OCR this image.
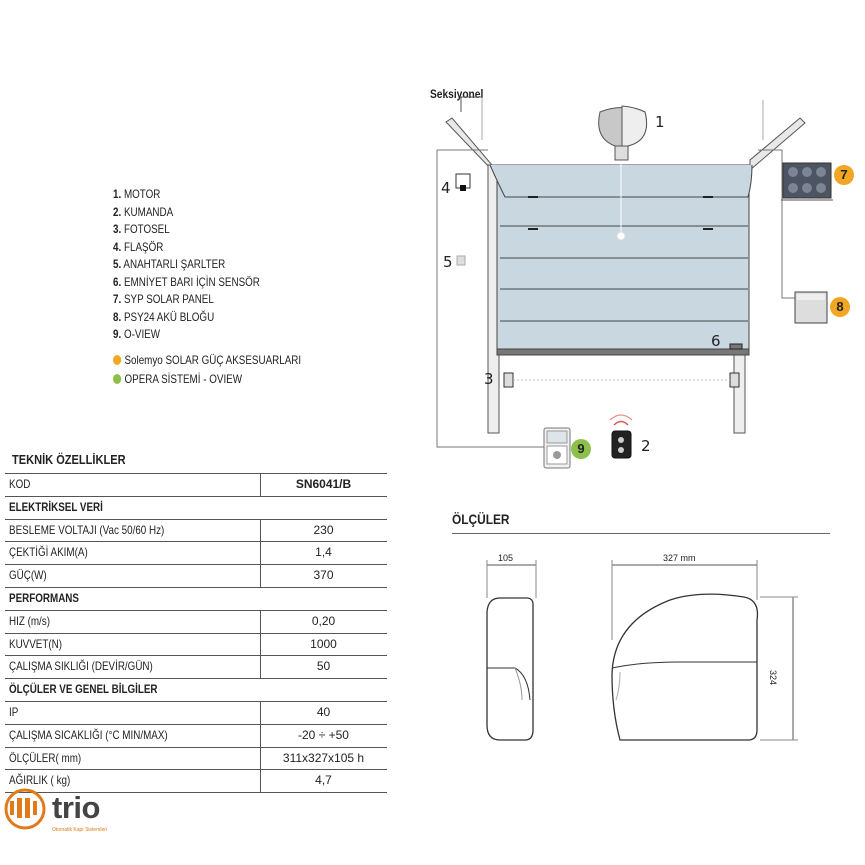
Seksiyonel
1
2
3
4
5
6
7
8
9
1. MOTOR
2. KUMANDA
3. FOTOSEL
4. FLAŞÖR
5. ANAHTARLI ŞARLTER
6. EMNİYET BARI İÇİN SENSÖR
7. SYP SOLAR PANEL
8. PSY24 AKÜ BLOĞU
9. O-VIEW
Solemyo SOLAR GÜÇ AKSESUARLARI
OPERA SİSTEMİ - OVIEW
TEKNİK ÖZELLİKLER
KOD	SN6041/B
ELEKTRİKSEL VERİ
BESLEME VOLTAJI (Vac 50/60 Hz)	230
ÇEKTİĞİ AKIM(A)	1,4
GÜÇ(W)	370
PERFORMANS
HIZ (m/s)	0,20
KUVVET(N)	1000
ÇALIŞMA SIKLIĞI (DEVİR/GÜN)	50
ÖLÇÜLER VE GENEL BİLGİLER
IP	40
ÇALIŞMA SICAKLIĞI (°C MIN/MAX)	-20 ÷ +50
ÖLÇÜLER( mm)	311x327x105 h
AĞIRLIK ( kg)	4,7
ÖLÇÜLER
105	327 mm
324
trio
Otomatik Kapı Sistemleri
